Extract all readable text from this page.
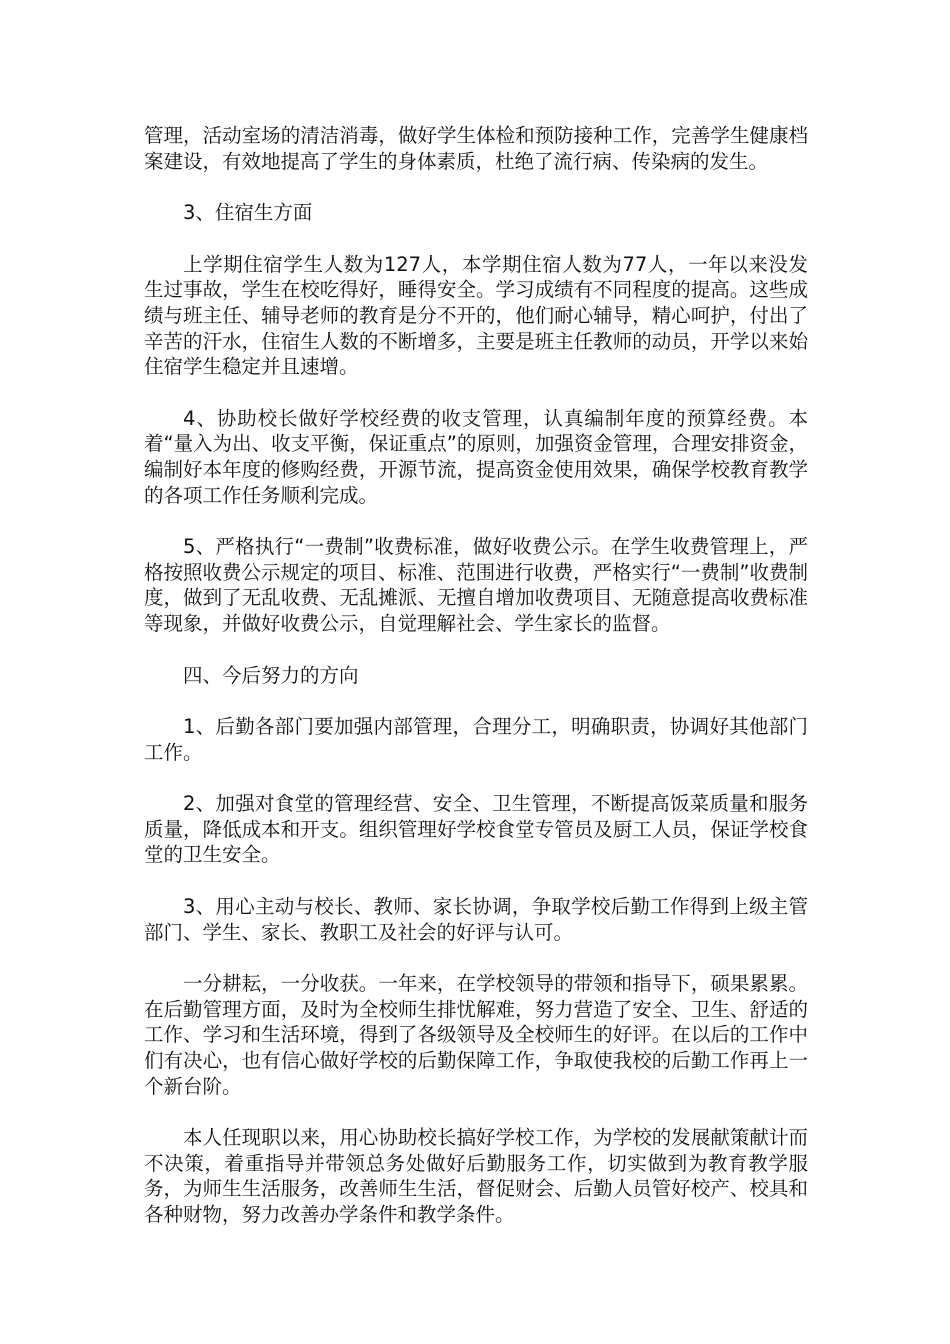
管理，活动室场的清洁消毒，做好学生体检和预防接种工作，完善学生健康档案建设，有效地提高了学生的身体素质，杜绝了流行病、传染病的发生。

3、住宿生方面

上学期住宿学生人数为127人，本学期住宿人数为77人，一年以来没发生过事故，学生在校吃得好，睡得安全。学习成绩有不同程度的提高。这些成绩与班主任、辅导老师的教育是分不开的，他们耐心辅导，精心呵护，付出了辛苦的汗水，住宿生人数的不断增多，主要是班主任教师的动员，开学以来始住宿学生稳定并且速增。

4、协助校长做好学校经费的收支管理，认真编制年度的预算经费。本着“量入为出、收支平衡，保证重点”的原则，加强资金管理，合理安排资金，编制好本年度的修购经费，开源节流，提高资金使用效果，确保学校教育教学的各项工作任务顺利完成。

5、严格执行“一费制”收费标准，做好收费公示。在学生收费管理上，严格按照收费公示规定的项目、标准、范围进行收费，严格实行“一费制”收费制度，做到了无乱收费、无乱摊派、无擅自增加收费项目、无随意提高收费标准等现象，并做好收费公示，自觉理解社会、学生家长的监督。

四、今后努力的方向

1、后勤各部门要加强内部管理，合理分工，明确职责，协调好其他部门工作。

2、加强对食堂的管理经营、安全、卫生管理，不断提高饭菜质量和服务质量，降低成本和开支。组织管理好学校食堂专管员及厨工人员，保证学校食堂的卫生安全。

3、用心主动与校长、教师、家长协调，争取学校后勤工作得到上级主管部门、学生、家长、教职工及社会的好评与认可。

一分耕耘，一分收获。一年来，在学校领导的带领和指导下，硕果累累。在后勤管理方面，及时为全校师生排忧解难，努力营造了安全、卫生、舒适的工作、学习和生活环境，得到了各级领导及全校师生的好评。在以后的工作中们有决心，也有信心做好学校的后勤保障工作，争取使我校的后勤工作再上一个新台阶。

本人任现职以来，用心协助校长搞好学校工作，为学校的发展献策献计而不决策，着重指导并带领总务处做好后勤服务工作，切实做到为教育教学服务，为师生生活服务，改善师生生活，督促财会、后勤人员管好校产、校具和各种财物，努力改善办学条件和教学条件。
